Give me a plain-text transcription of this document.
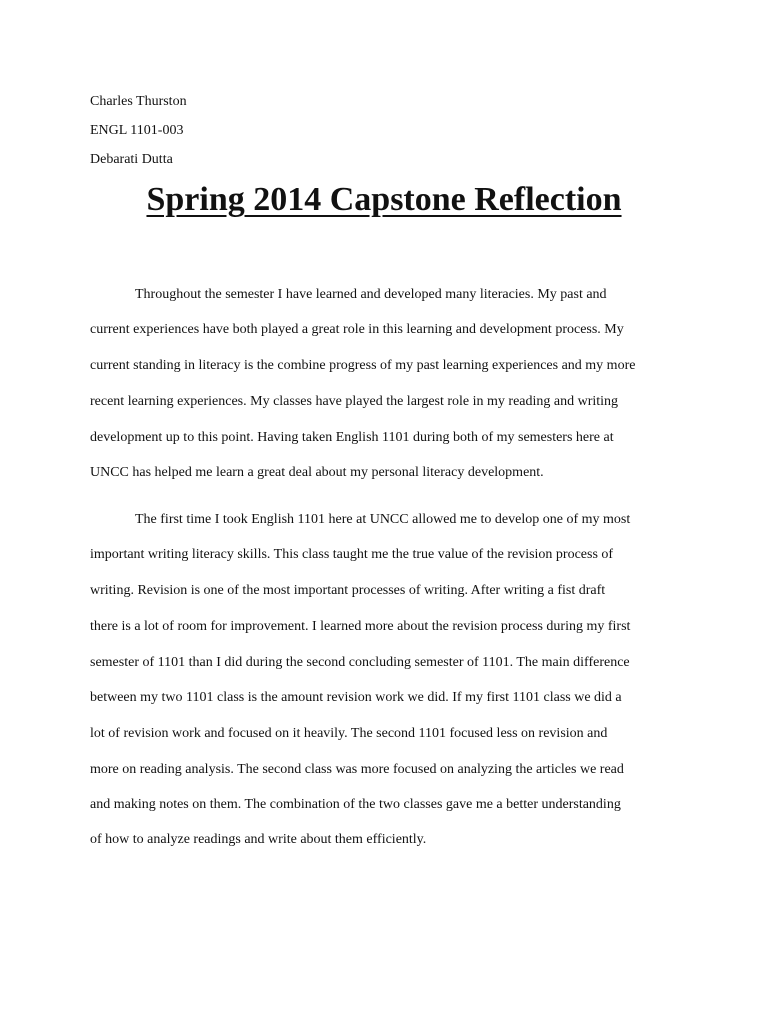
Charles Thurston
ENGL 1101-003
Debarati Dutta
Spring 2014 Capstone Reflection
Throughout the semester I have learned and developed many literacies. My past and
current experiences have both played a great role in this learning and development process. My
current standing in literacy is the combine progress of my past learning experiences and my more
recent learning experiences. My classes have played the largest role in my reading and writing
development up to this point. Having taken English 1101 during both of my semesters here at
UNCC has helped me learn a great deal about my personal literacy development.
The first time I took English 1101 here at UNCC allowed me to develop one of my most
important writing literacy skills. This class taught me the true value of the revision process of
writing. Revision is one of the most important processes of writing. After writing a fist draft
there is a lot of room for improvement. I learned more about the revision process during my first
semester of 1101 than I did during the second concluding semester of 1101. The main difference
between my two 1101 class is the amount revision work we did. If my first 1101 class we did a
lot of revision work and focused on it heavily. The second 1101 focused less on revision and
more on reading analysis. The second class was more focused on analyzing the articles we read
and making notes on them. The combination of the two classes gave me a better understanding
of how to analyze readings and write about them efficiently.
